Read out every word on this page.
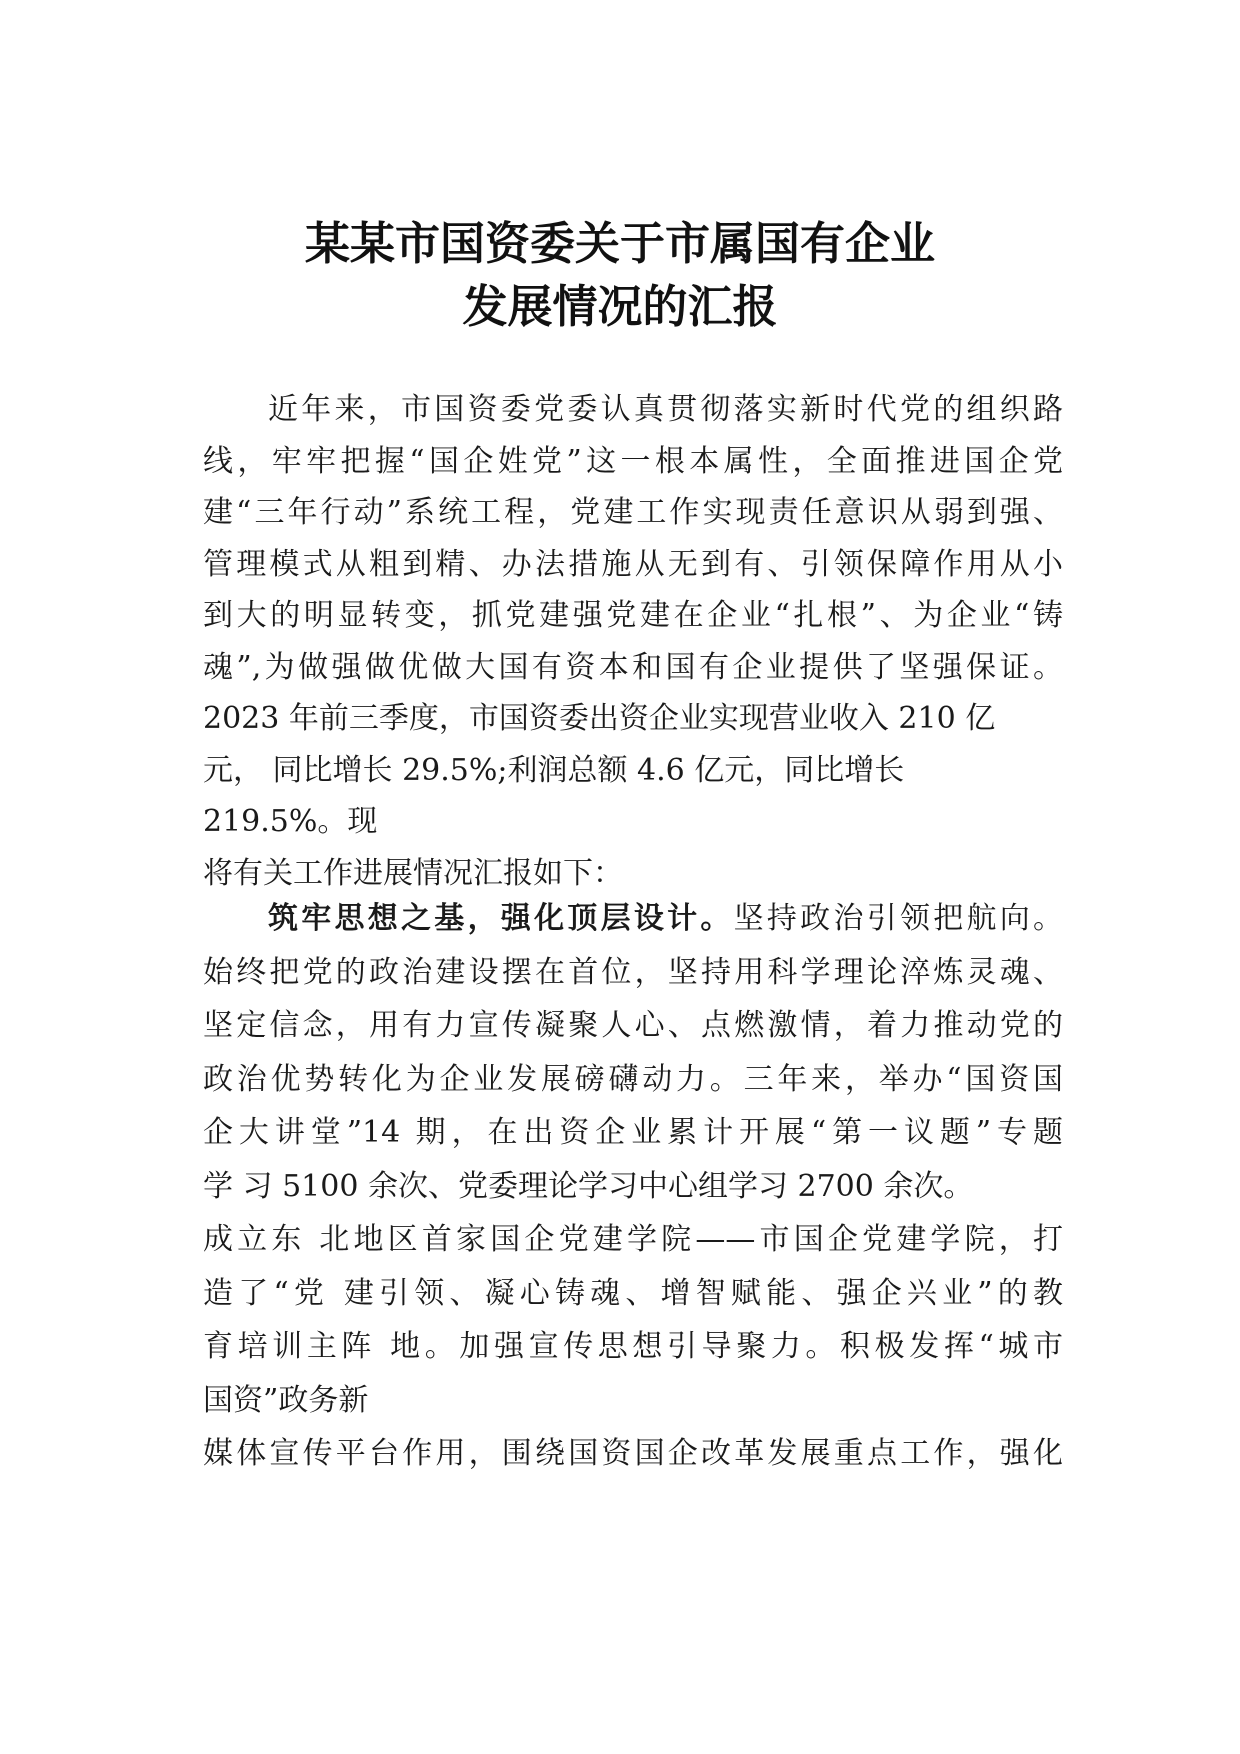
某某市国资委关于市属国有企业
发展情况的汇报
近年来，市国资委党委认真贯彻落实新时代党的组织路
线，牢牢把握“国企姓党”这一根本属性，全面推进国企党
建“三年行动”系统工程，党建工作实现责任意识从弱到强、
管理模式从粗到精、办法措施从无到有、引领保障作用从小
到大的明显转变，抓党建强党建在企业“扎根”、为企业“铸
魂”,为做强做优做大国有资本和国有企业提供了坚强保证。
2023 年前三季度，市国资委出资企业实现营业收入 210 亿
元， 同比增长 29.5%;利润总额 4.6 亿元，同比增长
219.5%。现
将有关工作进展情况汇报如下：
筑牢思想之基，强化顶层设计。坚持政治引领把航向。
始终把党的政治建设摆在首位，坚持用科学理论淬炼灵魂、
坚定信念，用有力宣传凝聚人心、点燃激情，着力推动党的
政治优势转化为企业发展磅礴动力。三年来，举办“国资国
企大讲堂”14 期，在出资企业累计开展“第一议题”专题
学 习 5100 余次、党委理论学习中心组学习 2700 余次。
成立东 北地区首家国企党建学院——市国企党建学院，打
造了“党 建引领、凝心铸魂、增智赋能、强企兴业”的教
育培训主阵 地。加强宣传思想引导聚力。积极发挥“城市
国资”政务新
媒体宣传平台作用，围绕国资国企改革发展重点工作，强化
